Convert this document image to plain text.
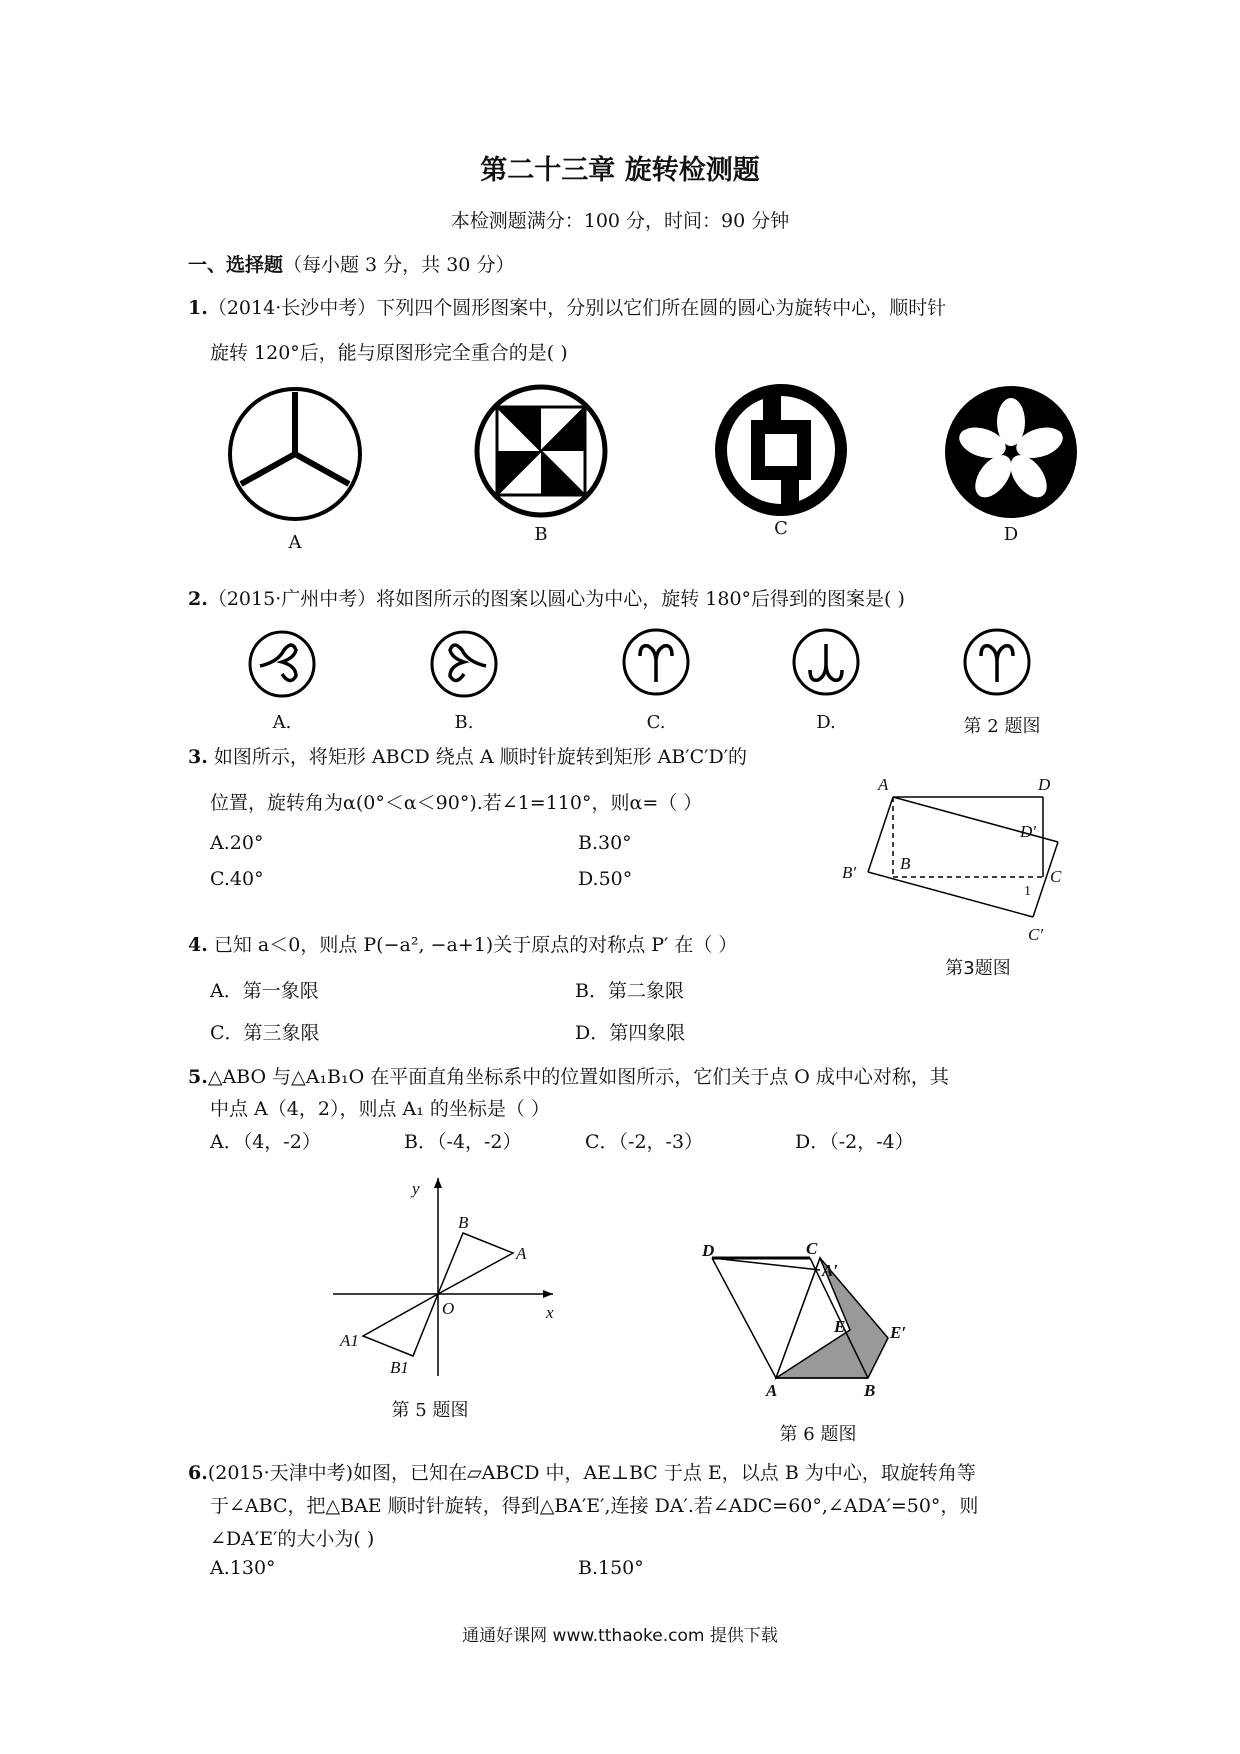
第二十三章 旋转检测题
本检测题满分：100 分，时间：90 分钟
一、选择题（每小题 3 分，共 30 分）
1.（2014·长沙中考）下列四个圆形图案中，分别以它们所在圆的圆心为旋转中心，顺时针
旋转 120°后，能与原图形完全重合的是( )
A	B	C	D
2.（2015·广州中考）将如图所示的图案以圆心为中心，旋转 180°后得到的图案是( )
A.	B.	C.	D.	第 2 题图
3. 如图所示，将矩形 ABCD 绕点 A 顺时针旋转到矩形 AB′C′D′的
位置，旋转角为α(0°＜α＜90°).若∠1=110°，则α=（ ）
A.20°	B.30°
C.40°	D.50°
A	D
D′
B
B′	C
C′
1
第3题图
4. 已知 a＜0，则点 P(−a², −a+1)关于原点的对称点 P′ 在（ ）
A．第一象限	B．第二象限
C．第三象限	D．第四象限
5.△ABO 与△A₁B₁O 在平面直角坐标系中的位置如图所示，它们关于点 O 成中心对称，其
中点 A（4，2），则点 A₁ 的坐标是（ ）
A．（4，-2）	B．（-4，-2）	C．（-2，-3）	D．（-2，-4）
y
x
O
B
A
A1
B1
第 5 题图
D	C
A′
E	E′
A	B
第 6 题图
6.(2015·天津中考)如图，已知在▱ABCD 中，AE⊥BC 于点 E，以点 B 为中心，取旋转角等
于∠ABC，把△BAE 顺时针旋转，得到△BA′E′,连接 DA′.若∠ADC=60°,∠ADA′=50°，则
∠DA′E′的大小为( )
A.130°	B.150°
通通好课网 www.tthaoke.com 提供下载
